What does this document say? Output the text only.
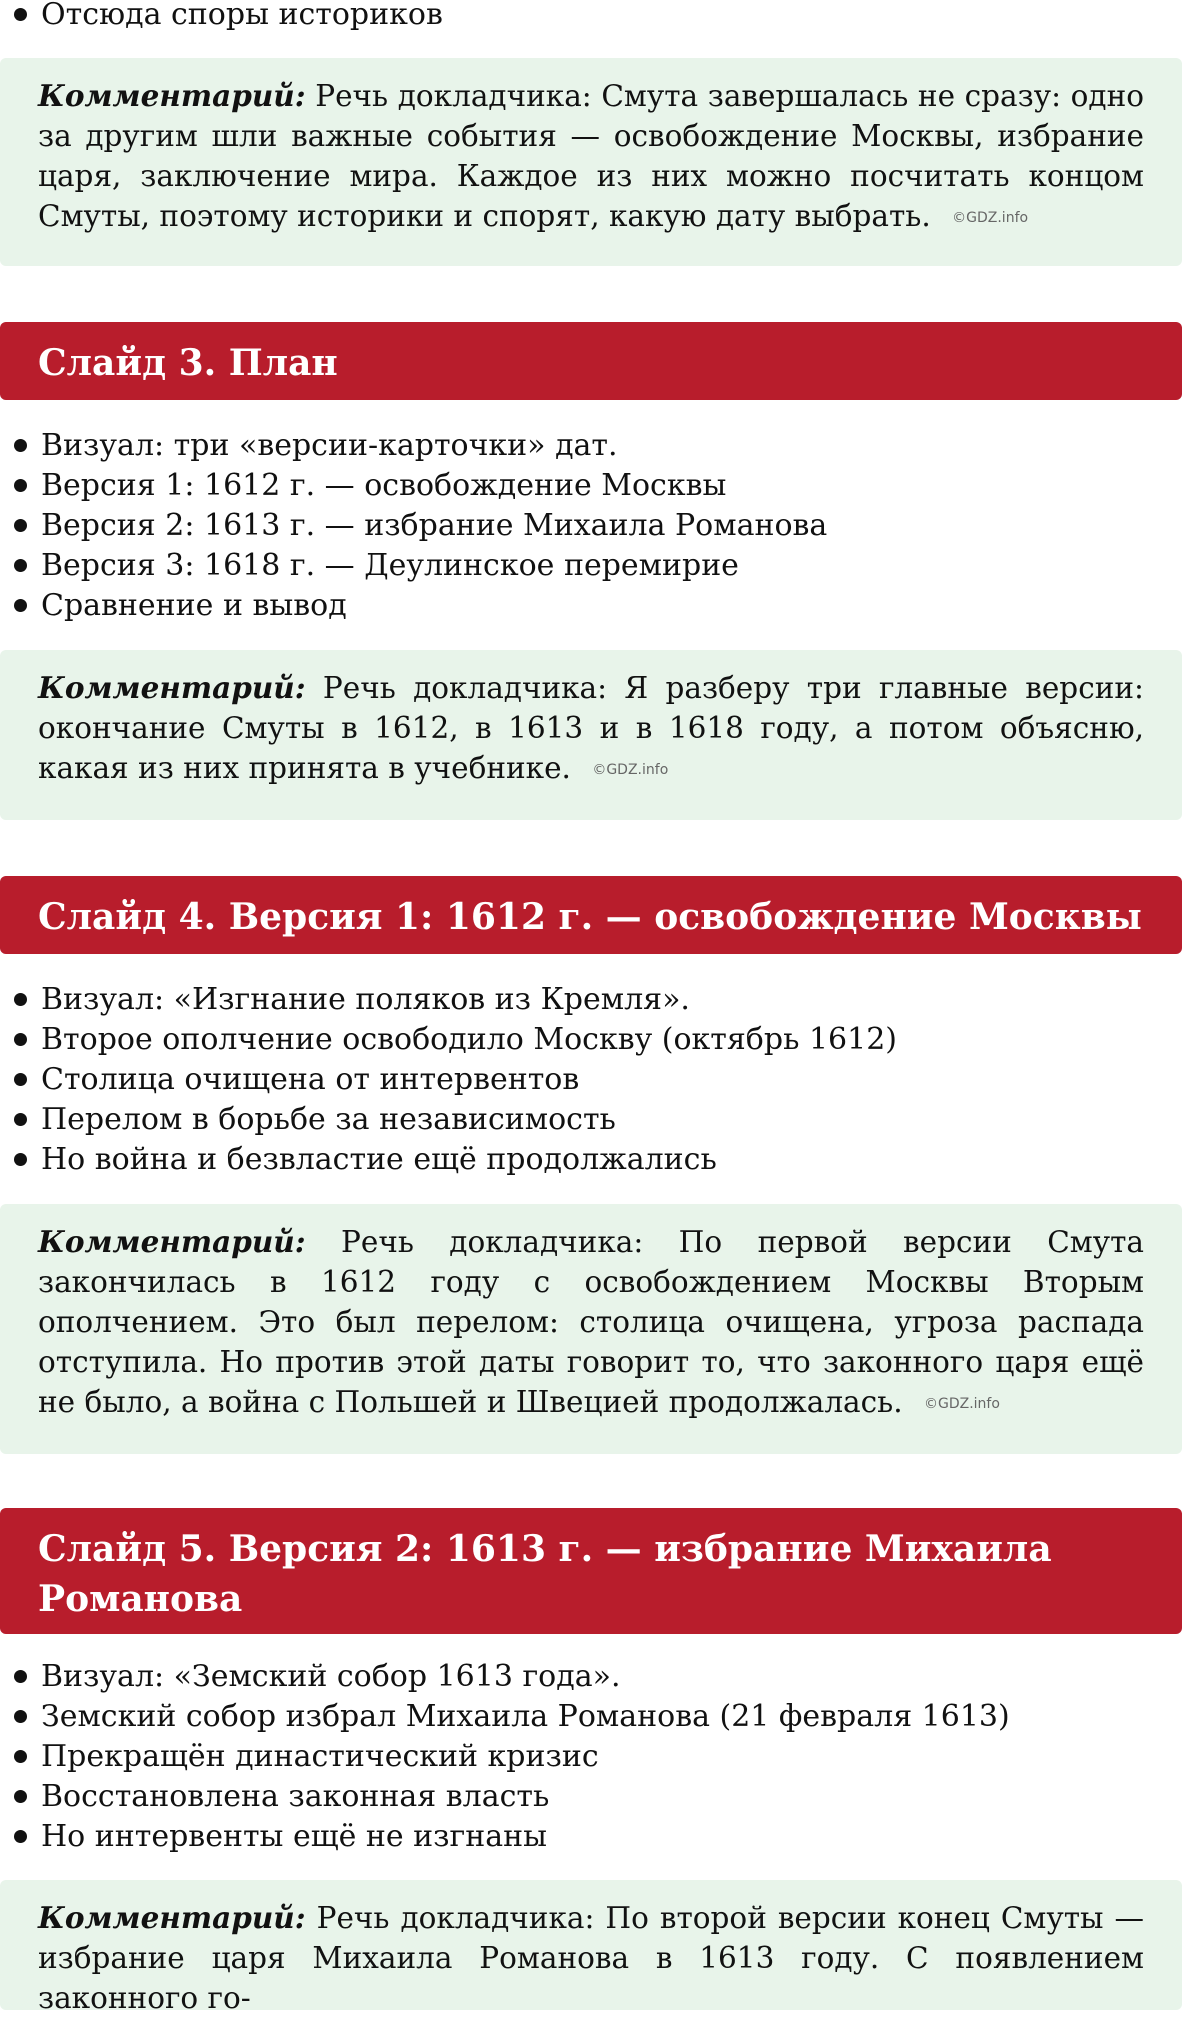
Отсюда споры историков
Комментарий: Речь докладчика: Смута завершалась не сразу: одно за другим шли важные события — освобождение Москвы, избрание царя, заключение мира. Каждое из них можно посчитать концом Смуты, поэтому историки и спорят, какую дату выбрать. ©GDZ.info
Слайд 3. План
Визуал: три «версии-карточки» дат.
Версия 1: 1612 г. — освобождение Москвы
Версия 2: 1613 г. — избрание Михаила Романова
Версия 3: 1618 г. — Деулинское перемирие
Сравнение и вывод
Комментарий: Речь докладчика: Я разберу три главные версии: окончание Смуты в 1612, в 1613 и в 1618 году, а потом объясню, какая из них принята в учебнике. ©GDZ.info
Слайд 4. Версия 1: 1612 г. — освобождение Москвы
Визуал: «Изгнание поляков из Кремля».
Второе ополчение освободило Москву (октябрь 1612)
Столица очищена от интервентов
Перелом в борьбе за независимость
Но война и безвластие ещё продолжались
Комментарий: Речь докладчика: По первой версии Смута закончилась в 1612 году с освобождением Москвы Вторым ополчением. Это был перелом: столица очищена, угроза распада отступила. Но против этой даты говорит то, что законного царя ещё не было, а война с Польшей и Швецией продолжалась. ©GDZ.info
Слайд 5. Версия 2: 1613 г. — избрание Михаила Романова
Визуал: «Земский собор 1613 года».
Земский собор избрал Михаила Романова (21 февраля 1613)
Прекращён династический кризис
Восстановлена законная власть
Но интервенты ещё не изгнаны
Комментарий: Речь докладчика: По второй версии конец Смуты — избрание царя Михаила Романова в 1613 году. С появлением законного го-
